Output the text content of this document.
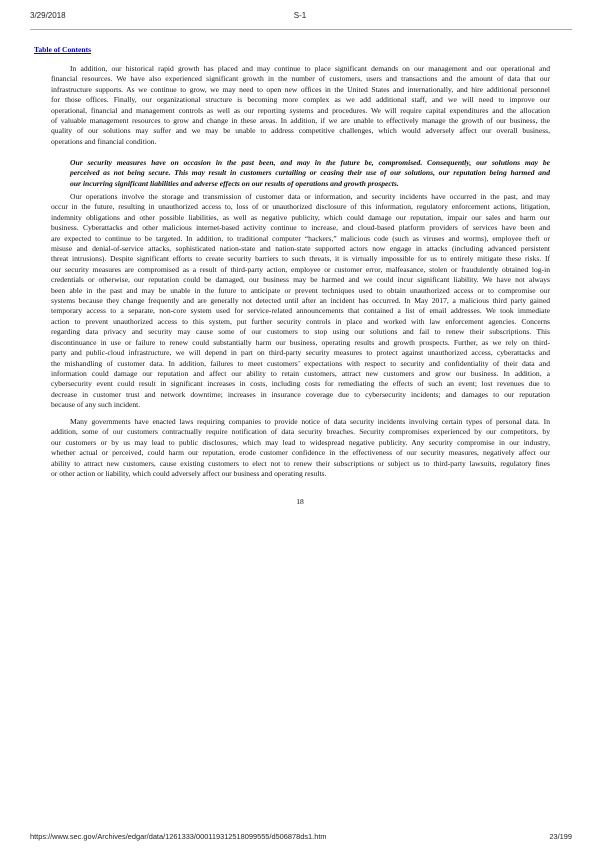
3/29/2018	S-1
Table of Contents
In addition, our historical rapid growth has placed and may continue to place significant demands on our management and our operational and
financial resources. We have also experienced significant growth in the number of customers, users and transactions and the amount of data that our
infrastructure supports. As we continue to grow, we may need to open new offices in the United States and internationally, and hire additional personnel
for those offices. Finally, our organizational structure is becoming more complex as we add additional staff, and we will need to improve our
operational, financial and management controls as well as our reporting systems and procedures. We will require capital expenditures and the allocation
of valuable management resources to grow and change in these areas. In addition, if we are unable to effectively manage the growth of our business, the
quality of our solutions may suffer and we may be unable to address competitive challenges, which would adversely affect our overall business,
operations and financial condition.
Our security measures have on occasion in the past been, and may in the future be, compromised. Consequently, our solutions may be
perceived as not being secure. This may result in customers curtailing or ceasing their use of our solutions, our reputation being harmed and
our incurring significant liabilities and adverse effects on our results of operations and growth prospects.
Our operations involve the storage and transmission of customer data or information, and security incidents have occurred in the past, and may
occur in the future, resulting in unauthorized access to, loss of or unauthorized disclosure of this information, regulatory enforcement actions, litigation,
indemnity obligations and other possible liabilities, as well as negative publicity, which could damage our reputation, impair our sales and harm our
business. Cyberattacks and other malicious internet-based activity continue to increase, and cloud-based platform providers of services have been and
are expected to continue to be targeted. In addition, to traditional computer “hackers,” malicious code (such as viruses and worms), employee theft or
misuse and denial-of-service attacks, sophisticated nation-state and nation-state supported actors now engage in attacks (including advanced persistent
threat intrusions). Despite significant efforts to create security barriers to such threats, it is virtually impossible for us to entirely mitigate these risks. If
our security measures are compromised as a result of third-party action, employee or customer error, malfeasance, stolen or fraudulently obtained log-in
credentials or otherwise, our reputation could be damaged, our business may be harmed and we could incur significant liability. We have not always
been able in the past and may be unable in the future to anticipate or prevent techniques used to obtain unauthorized access or to compromise our
systems because they change frequently and are generally not detected until after an incident has occurred. In May 2017, a malicious third party gained
temporary access to a separate, non-core system used for service-related announcements that contained a list of email addresses. We took immediate
action to prevent unauthorized access to this system, put further security controls in place and worked with law enforcement agencies. Concerns
regarding data privacy and security may cause some of our customers to stop using our solutions and fail to renew their subscriptions. This
discontinuance in use or failure to renew could substantially harm our business, operating results and growth prospects. Further, as we rely on third-
party and public-cloud infrastructure, we will depend in part on third-party security measures to protect against unauthorized access, cyberattacks and
the mishandling of customer data. In addition, failures to meet customers’ expectations with respect to security and confidentiality of their data and
information could damage our reputation and affect our ability to retain customers, attract new customers and grow our business. In addition, a
cybersecurity event could result in significant increases in costs, including costs for remediating the effects of such an event; lost revenues due to
decrease in customer trust and network downtime; increases in insurance coverage due to cybersecurity incidents; and damages to our reputation
because of any such incident.
Many governments have enacted laws requiring companies to provide notice of data security incidents involving certain types of personal data. In
addition, some of our customers contractually require notification of data security breaches. Security compromises experienced by our competitors, by
our customers or by us may lead to public disclosures, which may lead to widespread negative publicity. Any security compromise in our industry,
whether actual or perceived, could harm our reputation, erode customer confidence in the effectiveness of our security measures, negatively affect our
ability to attract new customers, cause existing customers to elect not to renew their subscriptions or subject us to third-party lawsuits, regulatory fines
or other action or liability, which could adversely affect our business and operating results.
18
https://www.sec.gov/Archives/edgar/data/1261333/000119312518099555/d506878ds1.htm	23/199
